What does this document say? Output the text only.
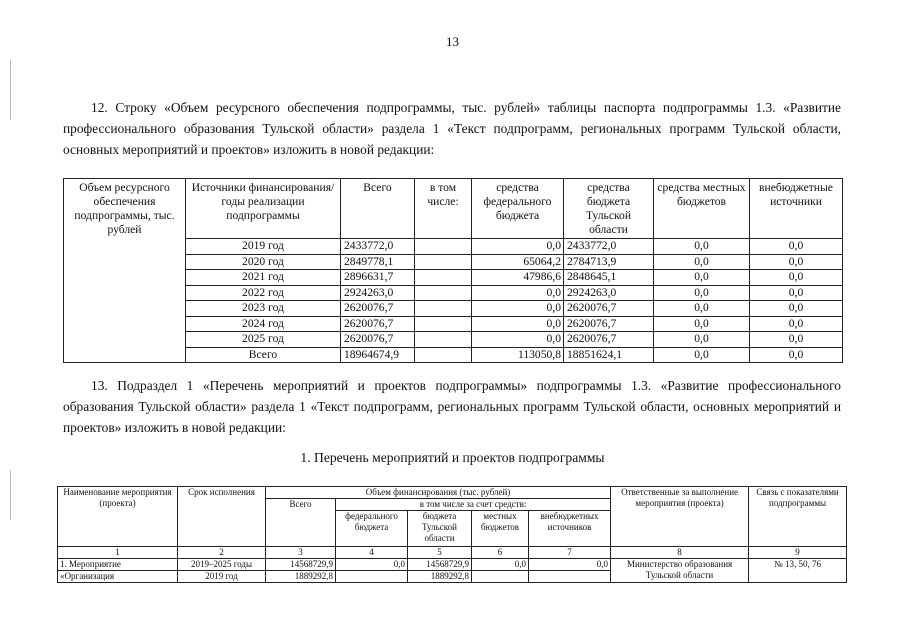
13

12. Строку «Объем ресурсного обеспечения подпрограммы, тыс. рублей» таблицы паспорта подпрограммы 1.3. «Развитие профессионального образования Тульской области» раздела 1 «Текст подпрограмм, региональных программ Тульской области, основных мероприятий и проектов» изложить в новой редакции:

Объем ресурсного обеспечения подпрограммы, тыс. рублей	Источники финансирования/годы реализации подпрограммы	Всего	в том числе:	средства федерального бюджета	средства бюджета Тульской области	средства местных бюджетов	внебюджетные источники
	2019 год	2433772,0		0,0	2433772,0	0,0	0,0
	2020 год	2849778,1		65064,2	2784713,9	0,0	0,0
	2021 год	2896631,7		47986,6	2848645,1	0,0	0,0
	2022 год	2924263,0		0,0	2924263,0	0,0	0,0
	2023 год	2620076,7		0,0	2620076,7	0,0	0,0
	2024 год	2620076,7		0,0	2620076,7	0,0	0,0
	2025 год	2620076,7		0,0	2620076,7	0,0	0,0
	Всего	18964674,9		113050,8	18851624,1	0,0	0,0

13. Подраздел 1 «Перечень мероприятий и проектов подпрограммы» подпрограммы 1.3. «Развитие профессионального образования Тульской области» раздела 1 «Текст подпрограмм, региональных программ Тульской области, основных мероприятий и проектов» изложить в новой редакции:

1. Перечень мероприятий и проектов подпрограммы
Наименование мероприятия (проекта)	Срок исполнения	Объем финансирования (тыс. рублей)					Ответственные за выполнение мероприятия (проекта)	Связь с показателями подпрограммы
		Всего	в том числе за счет средств:					
			федерального бюджета	бюджета Тульской области	местных бюджетов	внебюджетных источников		
1	2	3	4	5	6	7	8	9
1. Мероприятие	2019–2025 годы	14568729,9	0,0	14568729,9	0,0	0,0	Министерство образования Тульской области	№ 13, 50, 76
«Организация	2019 год	1889292,8		1889292,8				
